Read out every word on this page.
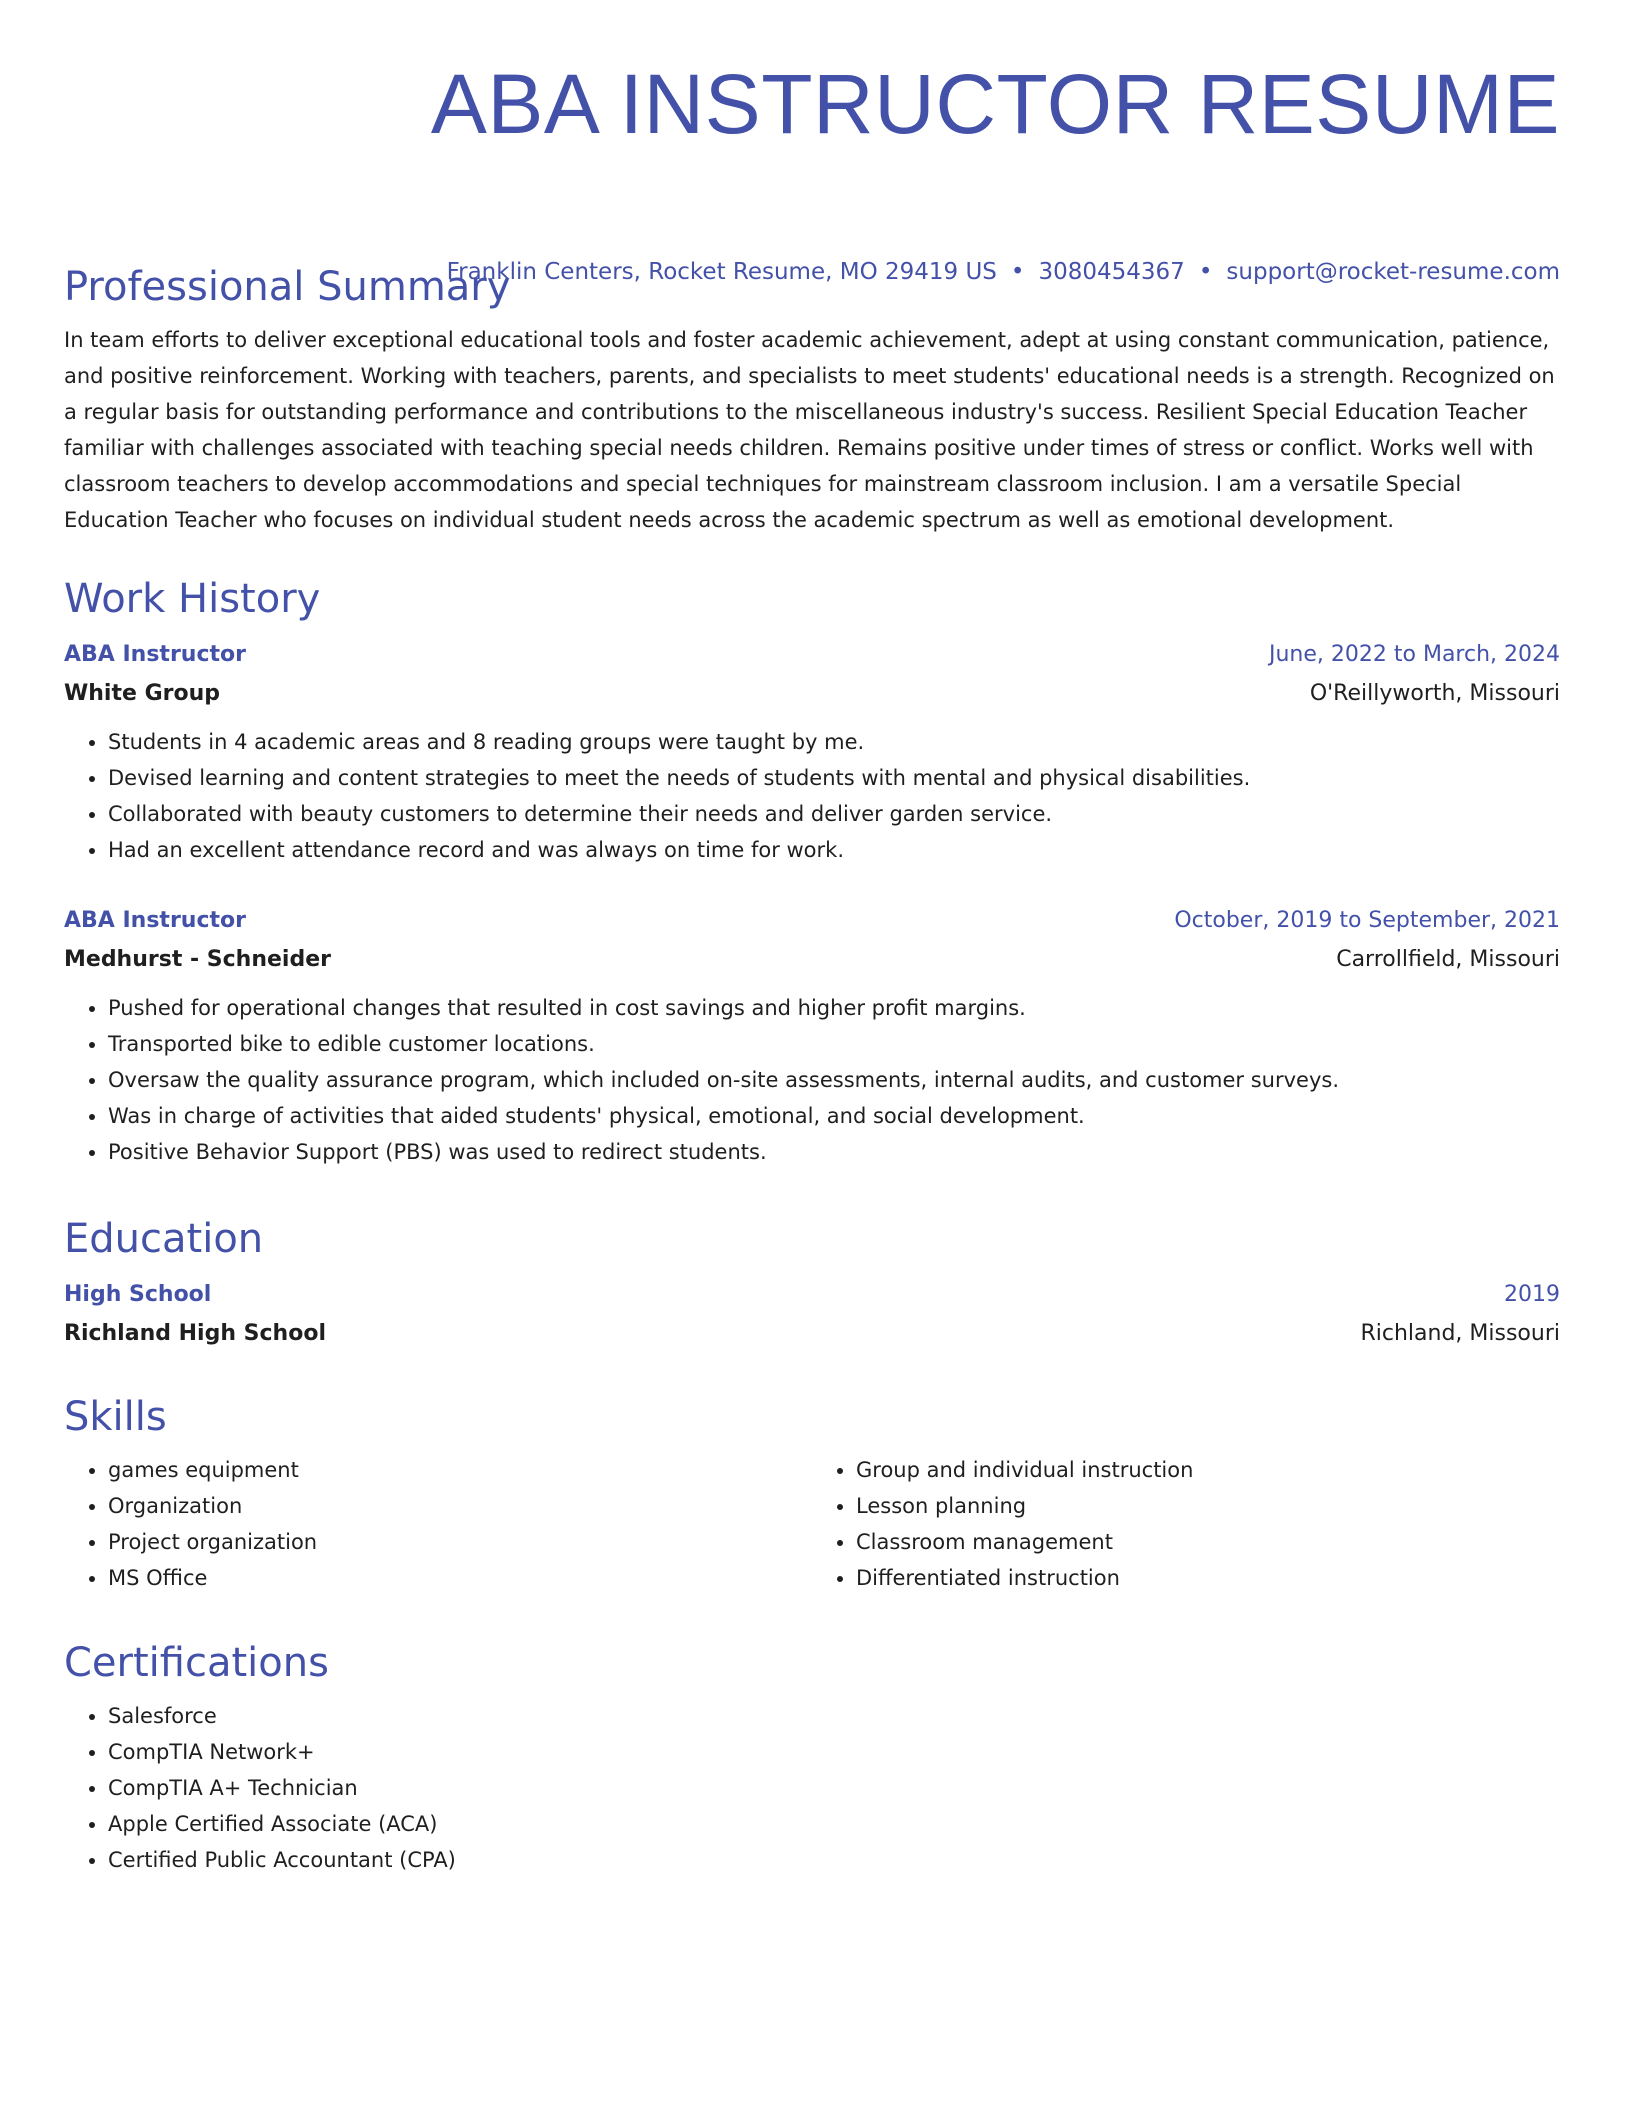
ABA INSTRUCTOR RESUME
Franklin Centers, Rocket Resume, MO 29419 US • 3080454367 • support@rocket-resume.com
Professional Summary

In team efforts to deliver exceptional educational tools and foster academic achievement, adept at using constant communication, patience, and positive reinforcement. Working with teachers, parents, and specialists to meet students' educational needs is a strength. Recognized on a regular basis for outstanding performance and contributions to the miscellaneous industry's success. Resilient Special Education Teacher familiar with challenges associated with teaching special needs children. Remains positive under times of stress or conflict. Works well with classroom teachers to develop accommodations and special techniques for mainstream classroom inclusion. I am a versatile Special Education Teacher who focuses on individual student needs across the academic spectrum as well as emotional development.

Work History
ABA Instructor	June, 2022 to March, 2024
White Group	O'Reillyworth, Missouri
• Students in 4 academic areas and 8 reading groups were taught by me.
• Devised learning and content strategies to meet the needs of students with mental and physical disabilities.
• Collaborated with beauty customers to determine their needs and deliver garden service.
• Had an excellent attendance record and was always on time for work.
ABA Instructor	October, 2019 to September, 2021
Medhurst - Schneider	Carrollfield, Missouri
• Pushed for operational changes that resulted in cost savings and higher profit margins.
• Transported bike to edible customer locations.
• Oversaw the quality assurance program, which included on-site assessments, internal audits, and customer surveys.
• Was in charge of activities that aided students' physical, emotional, and social development.
• Positive Behavior Support (PBS) was used to redirect students.
Education
High School	2019
Richland High School	Richland, Missouri
Skills
• games equipment
• Organization
• Project organization
• MS Office
• Group and individual instruction
• Lesson planning
• Classroom management
• Differentiated instruction
Certifications
• Salesforce
• CompTIA Network+
• CompTIA A+ Technician
• Apple Certified Associate (ACA)
• Certified Public Accountant (CPA)
